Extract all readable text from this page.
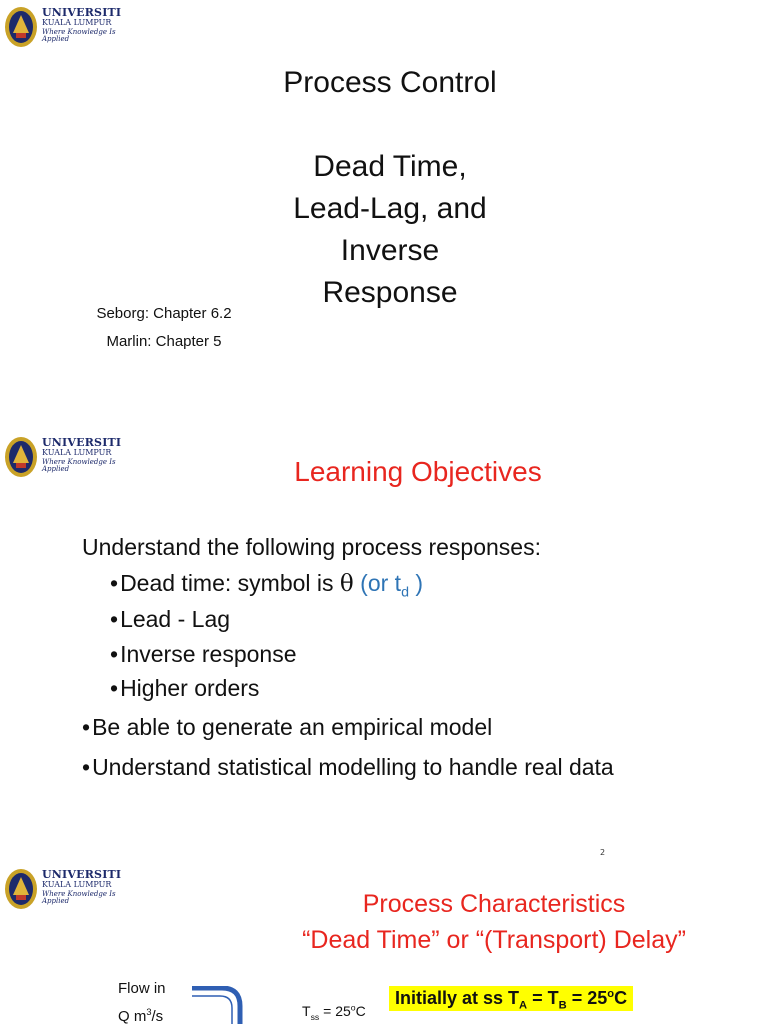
UNIVERSITI
KUALA LUMPUR
Where Knowledge Is Applied
Process Control
Dead Time,
Lead-Lag, and
Inverse
Response
Seborg: Chapter 6.2
Marlin: Chapter 5
UNIVERSITI
KUALA LUMPUR
Where Knowledge Is Applied	Learning Objectives
Understand the following process responses:
•Dead time: symbol is θ (or $t_d$ )
•Lead - Lag
•Inverse response
•Higher orders
•Be able to generate an empirical model
•Understand statistical modelling to handle real data
2
UNIVERSITI
KUALA LUMPUR
Where Knowledge Is Applied	Process Characteristics
“Dead Time” or “(Transport) Delay”
Flow in
Q $m^3/s$	$T_{ss} = 25^oC$
Initially at ss $T_A = T_B = 25^oC$
